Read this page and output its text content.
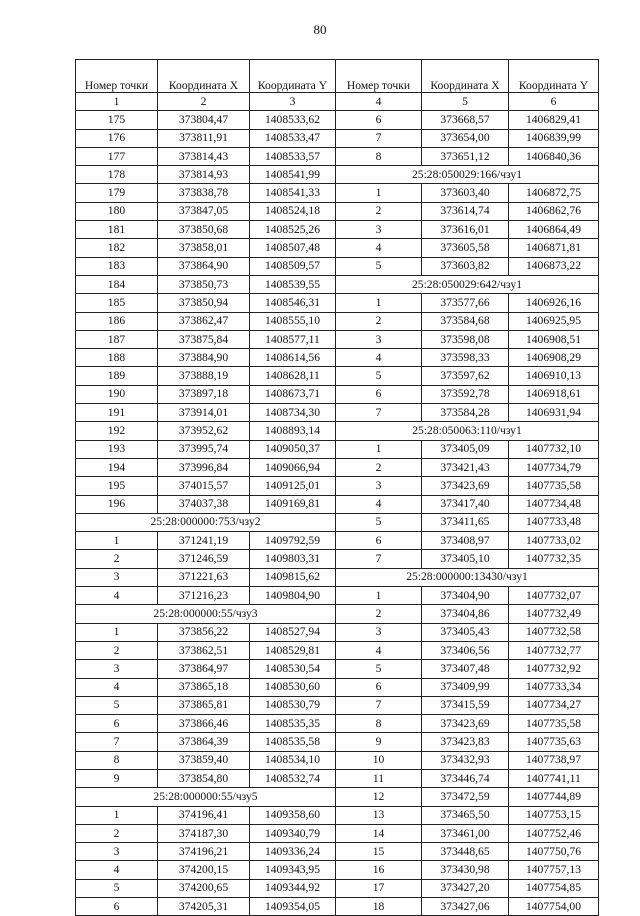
80
Номер точки	Координата X	Координата Y	Номер точки	Координата X	Координата Y
1	2	3	4	5	6
175	373804,47	1408533,62	6	373668,57	1406829,41
176	373811,91	1408533,47	7	373654,00	1406839,99
177	373814,43	1408533,57	8	373651,12	1406840,36
178	373814,93	1408541,99	25:28:050029:166/чзу1		
179	373838,78	1408541,33	1	373603,40	1406872,75
180	373847,05	1408524,18	2	373614,74	1406862,76
181	373850,68	1408525,26	3	373616,01	1406864,49
182	373858,01	1408507,48	4	373605,58	1406871,81
183	373864,90	1408509,57	5	373603,82	1406873,22
184	373850,73	1408539,55	25:28:050029:642/чзу1		
185	373850,94	1408546,31	1	373577,66	1406926,16
186	373862,47	1408555,10	2	373584,68	1406925,95
187	373875,84	1408577,11	3	373598,08	1406908,51
188	373884,90	1408614,56	4	373598,33	1406908,29
189	373888,19	1408628,11	5	373597,62	1406910,13
190	373897,18	1408673,71	6	373592,78	1406918,61
191	373914,01	1408734,30	7	373584,28	1406931,94
192	373952,62	1408893,14	25:28:050063:110/чзу1		
193	373995,74	1409050,37	1	373405,09	1407732,10
194	373996,84	1409066,94	2	373421,43	1407734,79
195	374015,57	1409125,01	3	373423,69	1407735,58
196	374037,38	1409169,81	4	373417,40	1407734,48
25:28:000000:753/чзу2			5	373411,65	1407733,48
1	371241,19	1409792,59	6	373408,97	1407733,02
2	371246,59	1409803,31	7	373405,10	1407732,35
3	371221,63	1409815,62	25:28:000000:13430/чзу1		
4	371216,23	1409804,90	1	373404,90	1407732,07
25:28:000000:55/чзу3			2	373404,86	1407732,49
1	373856,22	1408527,94	3	373405,43	1407732,58
2	373862,51	1408529,81	4	373406,56	1407732,77
3	373864,97	1408530,54	5	373407,48	1407732,92
4	373865,18	1408530,60	6	373409,99	1407733,34
5	373865,81	1408530,79	7	373415,59	1407734,27
6	373866,46	1408535,35	8	373423,69	1407735,58
7	373864,39	1408535,58	9	373423,83	1407735,63
8	373859,40	1408534,10	10	373432,93	1407738,97
9	373854,80	1408532,74	11	373446,74	1407741,11
25:28:000000:55/чзу5			12	373472,59	1407744,89
1	374196,41	1409358,60	13	373465,50	1407753,15
2	374187,30	1409340,79	14	373461,00	1407752,46
3	374196,21	1409336,24	15	373448,65	1407750,76
4	374200,15	1409343,95	16	373430,98	1407757,13
5	374200,65	1409344,92	17	373427,20	1407754,85
6	374205,31	1409354,05	18	373427,06	1407754,00
